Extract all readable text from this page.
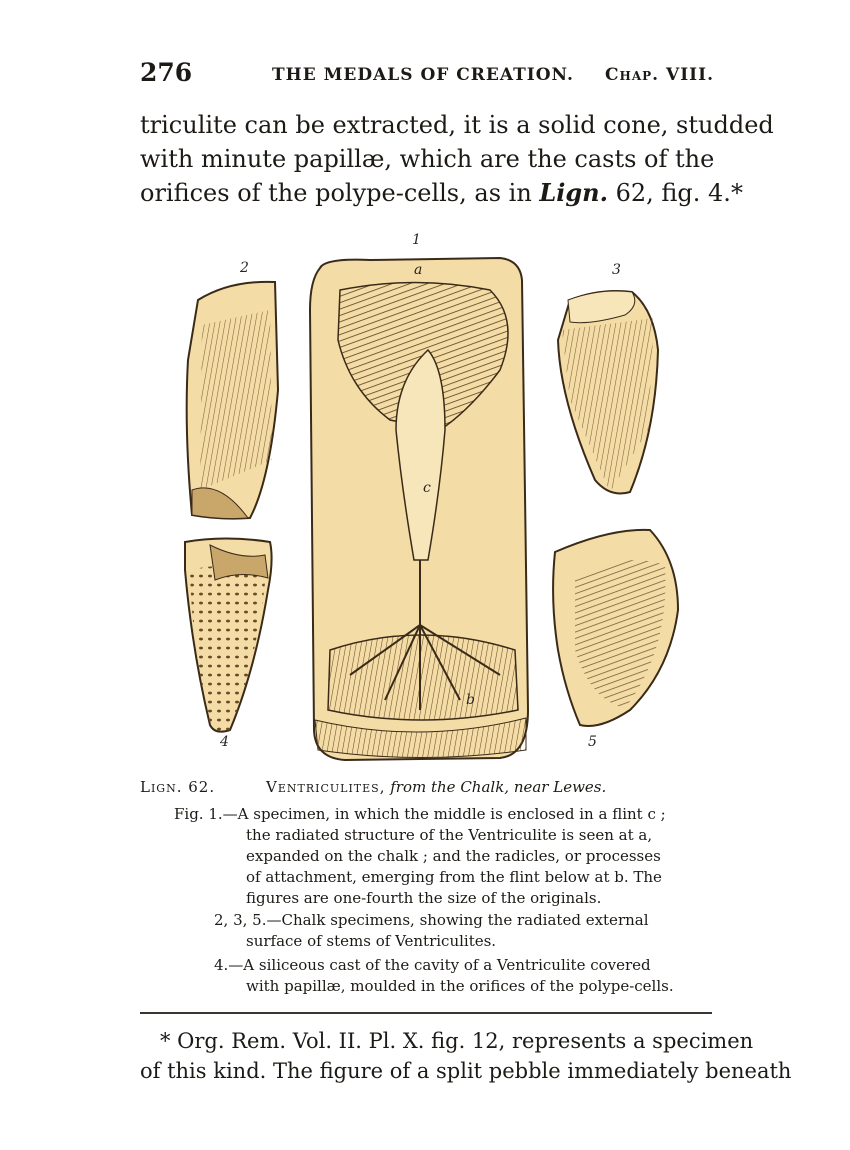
276	THE MEDALS OF CREATION. Chap. VIII.
triculite can be extracted, it is a solid cone, studded
with minute papillæ, which are the casts of the
orifices of the polype-cells, as in Lign. 62, fig. 4.*
1
2	3
4	5
a
b
c
Lign. 62.	Ventriculites, from the Chalk, near Lewes.
Fig. 1.—A specimen, in which the middle is enclosed in a flint c ;
the radiated structure of the Ventriculite is seen at a,
expanded on the chalk ; and the radicles, or processes
of attachment, emerging from the flint below at b. The
figures are one-fourth the size of the originals.
2, 3, 5.—Chalk specimens, showing the radiated external
surface of stems of Ventriculites.
4.—A siliceous cast of the cavity of a Ventriculite covered
with papillæ, moulded in the orifices of the polype-cells.
* Org. Rem. Vol. II. Pl. X. fig. 12, represents a specimen
of this kind. The figure of a split pebble immediately beneath
